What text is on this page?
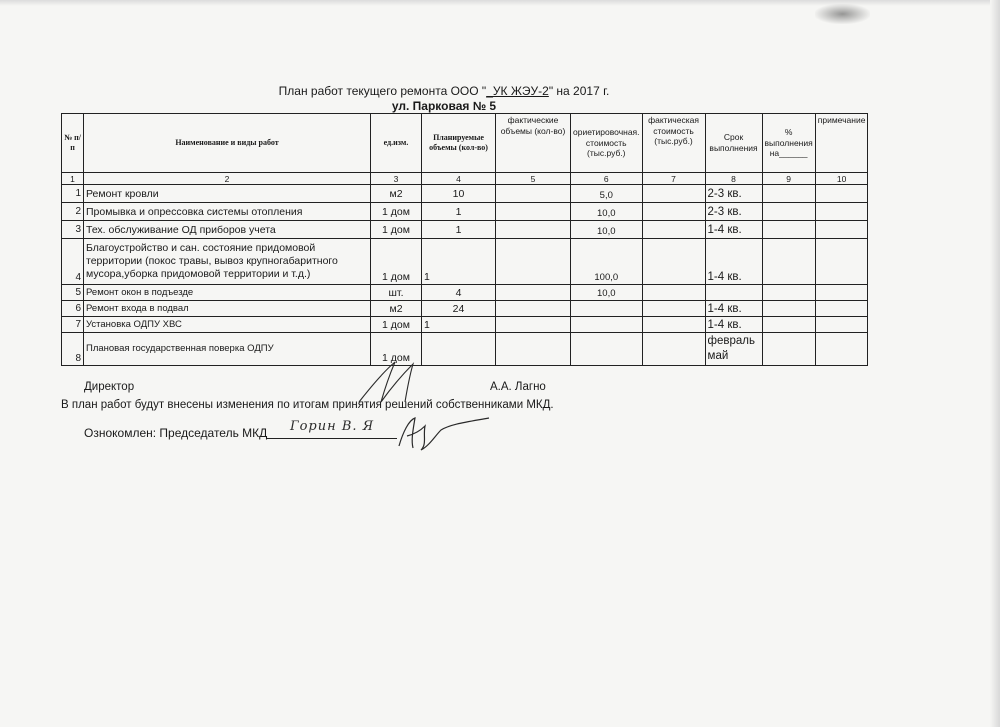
План работ текущего ремонта ООО "_УК ЖЭУ-2" на 2017 г.
ул. Парковая № 5
№ п/п	Наименование и виды работ	ед.изм.	Планируемые объемы (кол-во)	фактические объемы (кол-во)	ориетировочная. стоимость (тыс.руб.)	фактическая стоимость (тыс.руб.)	Срок выполнения	% выполнения на______	примечание
1	2	3	4	5	6	7	8	9	10
1	Ремонт кровли	м2	10		5,0		2-3 кв.		
2	Промывка и опрессовка системы отопления	1 дом	1		10,0		2-3 кв.		
3	Тех. обслуживание ОД приборов учета	1 дом	1		10,0		1-4 кв.		
4	Благоустройство и сан. состояние придомовой территории (покос травы, вывоз крупногабаритного мусора,уборка придомовой территории и т.д.)	1 дом	1		100,0		1-4 кв.		
5	Ремонт окон в подъезде	шт.	4		10,0				
6	Ремонт входа в подвал	м2	24				1-4 кв.		
7	Установка ОДПУ ХВС	1 дом	1				1-4 кв.		
8	Плановая государственная поверка ОДПУ	1 дом					февраль май		
Директор	А.А. Лагно
В план работ будут внесены изменения по итогам принятия решений собственниками МКД.
Ознокомлен: Председатель МКД	Горин В. Я
